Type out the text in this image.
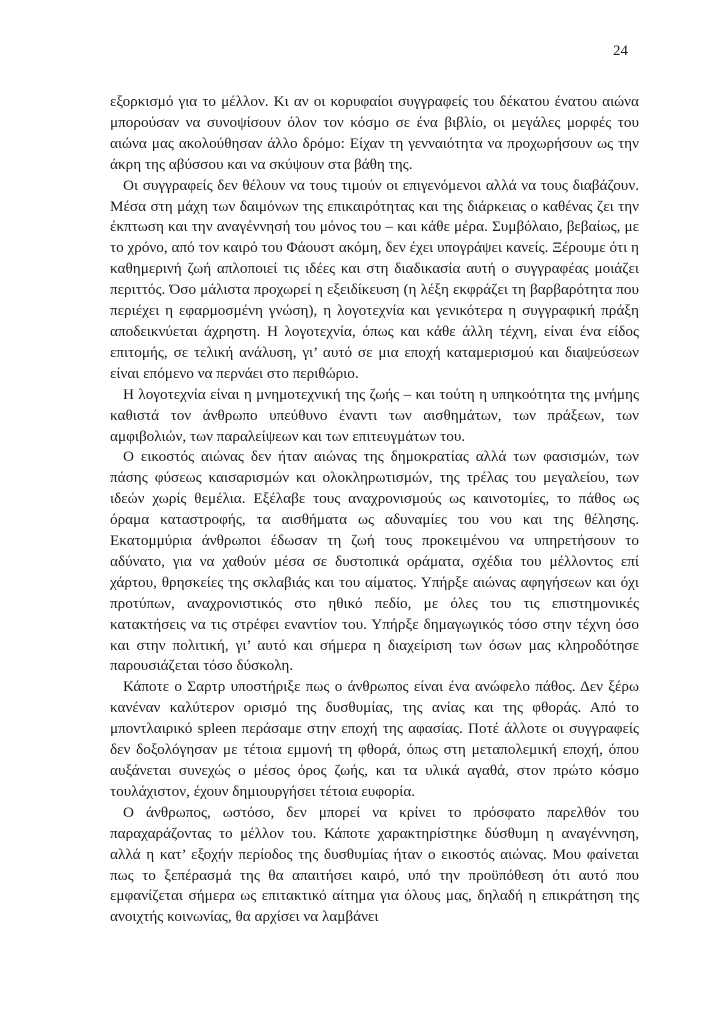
24

εξορκισμό για το μέλλον. Κι αν οι κορυφαίοι συγγραφείς του δέκατου ένατου αιώνα μπορούσαν να συνοψίσουν όλον τον κόσμο σε ένα βιβλίο, οι μεγάλες μορφές του αιώνα μας ακολούθησαν άλλο δρόμο: Είχαν τη γενναιότητα να προχωρήσουν ως την άκρη της αβύσσου και να σκύψουν στα βάθη της.

Οι συγγραφείς δεν θέλουν να τους τιμούν οι επιγενόμενοι αλλά να τους διαβάζουν. Μέσα στη μάχη των δαιμόνων της επικαιρότητας και της διάρκειας ο καθένας ζει την έκπτωση και την αναγέννησή του μόνος του – και κάθε μέρα. Συμβόλαιο, βεβαίως, με το χρόνο, από τον καιρό του Φάουστ ακόμη, δεν έχει υπογράψει κανείς. Ξέρουμε ότι η καθημερινή ζωή απλοποιεί τις ιδέες και στη διαδικασία αυτή ο συγγραφέας μοιάζει περιττός. Όσο μάλιστα προχωρεί η εξειδίκευση (η λέξη εκφράζει τη βαρβαρότητα που περιέχει η εφαρμοσμένη γνώση), η λογοτεχνία και γενικότερα η συγγραφική πράξη αποδεικνύεται άχρηστη. Η λογοτεχνία, όπως και κάθε άλλη τέχνη, είναι ένα είδος επιτομής, σε τελική ανάλυση, γι’ αυτό σε μια εποχή καταμερισμού και διαψεύσεων είναι επόμενο να περνάει στο περιθώριο.

Η λογοτεχνία είναι η μνημοτεχνική της ζωής – και τούτη η υπηκοότητα της μνήμης καθιστά τον άνθρωπο υπεύθυνο έναντι των αισθημάτων, των πράξεων, των αμφιβολιών, των παραλείψεων και των επιτευγμάτων του.

Ο εικοστός αιώνας δεν ήταν αιώνας της δημοκρατίας αλλά των φασισμών, των πάσης φύσεως καισαρισμών και ολοκληρωτισμών, της τρέλας του μεγαλείου, των ιδεών χωρίς θεμέλια. Εξέλαβε τους αναχρονισμούς ως καινοτομίες, το πάθος ως όραμα καταστροφής, τα αισθήματα ως αδυναμίες του νου και της θέλησης. Εκατομμύρια άνθρωποι έδωσαν τη ζωή τους προκειμένου να υπηρετήσουν το αδύνατο, για να χαθούν μέσα σε δυστοπικά οράματα, σχέδια του μέλλοντος επί χάρτου, θρησκείες της σκλαβιάς και του αίματος. Υπήρξε αιώνας αφηγήσεων και όχι προτύπων, αναχρονιστικός στο ηθικό πεδίο, με όλες του τις επιστημονικές κατακτήσεις να τις στρέφει εναντίον του. Υπήρξε δημαγωγικός τόσο στην τέχνη όσο και στην πολιτική, γι’ αυτό και σήμερα η διαχείριση των όσων μας κληροδότησε παρουσιάζεται τόσο δύσκολη.

Κάποτε ο Σαρτρ υποστήριξε πως ο άνθρωπος είναι ένα ανώφελο πάθος. Δεν ξέρω κανέναν καλύτερον ορισμό της δυσθυμίας, της ανίας και της φθοράς. Από το μποντλαιρικό spleen περάσαμε στην εποχή της αφασίας. Ποτέ άλλοτε οι συγγραφείς δεν δοξολόγησαν με τέτοια εμμονή τη φθορά, όπως στη μεταπολεμική εποχή, όπου αυξάνεται συνεχώς ο μέσος όρος ζωής, και τα υλικά αγαθά, στον πρώτο κόσμο τουλάχιστον, έχουν δημιουργήσει τέτοια ευφορία.

Ο άνθρωπος, ωστόσο, δεν μπορεί να κρίνει το πρόσφατο παρελθόν του παραχαράζοντας το μέλλον του. Κάποτε χαρακτηρίστηκε δύσθυμη η αναγέννηση, αλλά η κατ’ εξοχήν περίοδος της δυσθυμίας ήταν ο εικοστός αιώνας. Μου φαίνεται πως το ξεπέρασμά της θα απαιτήσει καιρό, υπό την προϋπόθεση ότι αυτό που εμφανίζεται σήμερα ως επιτακτικό αίτημα για όλους μας, δηλαδή η επικράτηση της ανοιχτής κοινωνίας, θα αρχίσει να λαμβάνει
